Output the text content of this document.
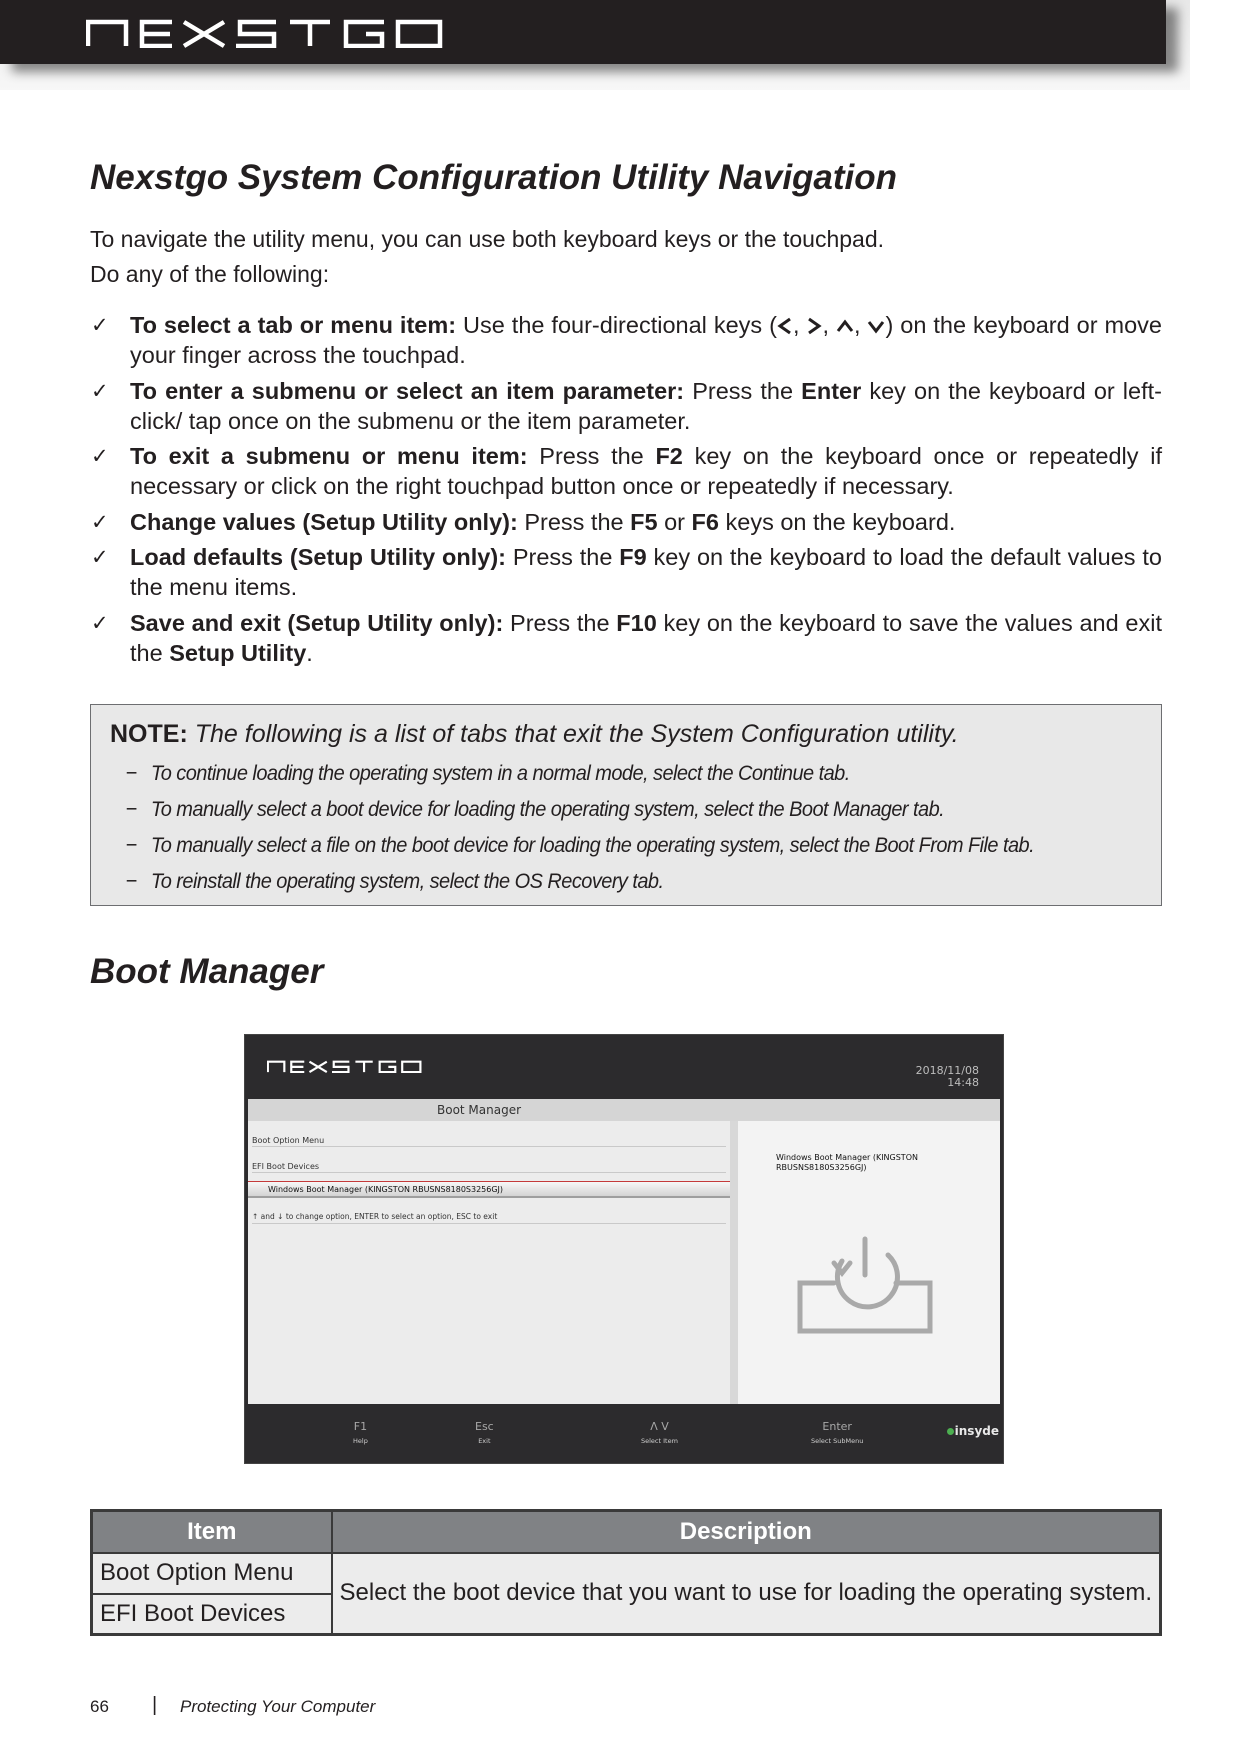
Nexstgo System Configuration Utility Navigation
To navigate the utility menu, you can use both keyboard keys or the touchpad.
Do any of the following:
✓ To select a tab or menu item: Use the four-directional keys ( , , , ) on the keyboard or move your finger across the touchpad.
✓ To enter a submenu or select an item parameter: Press the Enter key on the keyboard or left-click/ tap once on the submenu or the item parameter.
✓ To exit a submenu or menu item: Press the F2 key on the keyboard once or repeatedly if necessary or click on the right touchpad button once or repeatedly if necessary.
✓ Change values (Setup Utility only): Press the F5 or F6 keys on the keyboard.
✓ Load defaults (Setup Utility only): Press the F9 key on the keyboard to load the default values to the menu items.
✓ Save and exit (Setup Utility only): Press the F10 key on the keyboard to save the values and exit the Setup Utility.
NOTE: The following is a list of tabs that exit the System Configuration utility.
− To continue loading the operating system in a normal mode, select the Continue tab.
− To manually select a boot device for loading the operating system, select the Boot Manager tab.
− To manually select a file on the boot device for loading the operating system, select the Boot From File tab.
− To reinstall the operating system, select the OS Recovery tab.
Boot Manager
2018/11/08
14:48
Boot Manager
Boot Option Menu
EFI Boot Devices
Windows Boot Manager (KINGSTON RBUSNS8180S3256GJ)
↑ and ↓ to change option, ENTER to select an option, ESC to exit
Windows Boot Manager (KINGSTON RBUSNS8180S3256GJ)
F1
Help
Esc
Exit
Λ V
Select Item
Enter
Select SubMenu
insyde
Item	Description
Boot Option Menu	Select the boot device that you want to use for loading the operating system.
EFI Boot Devices	
66 | Protecting Your Computer
